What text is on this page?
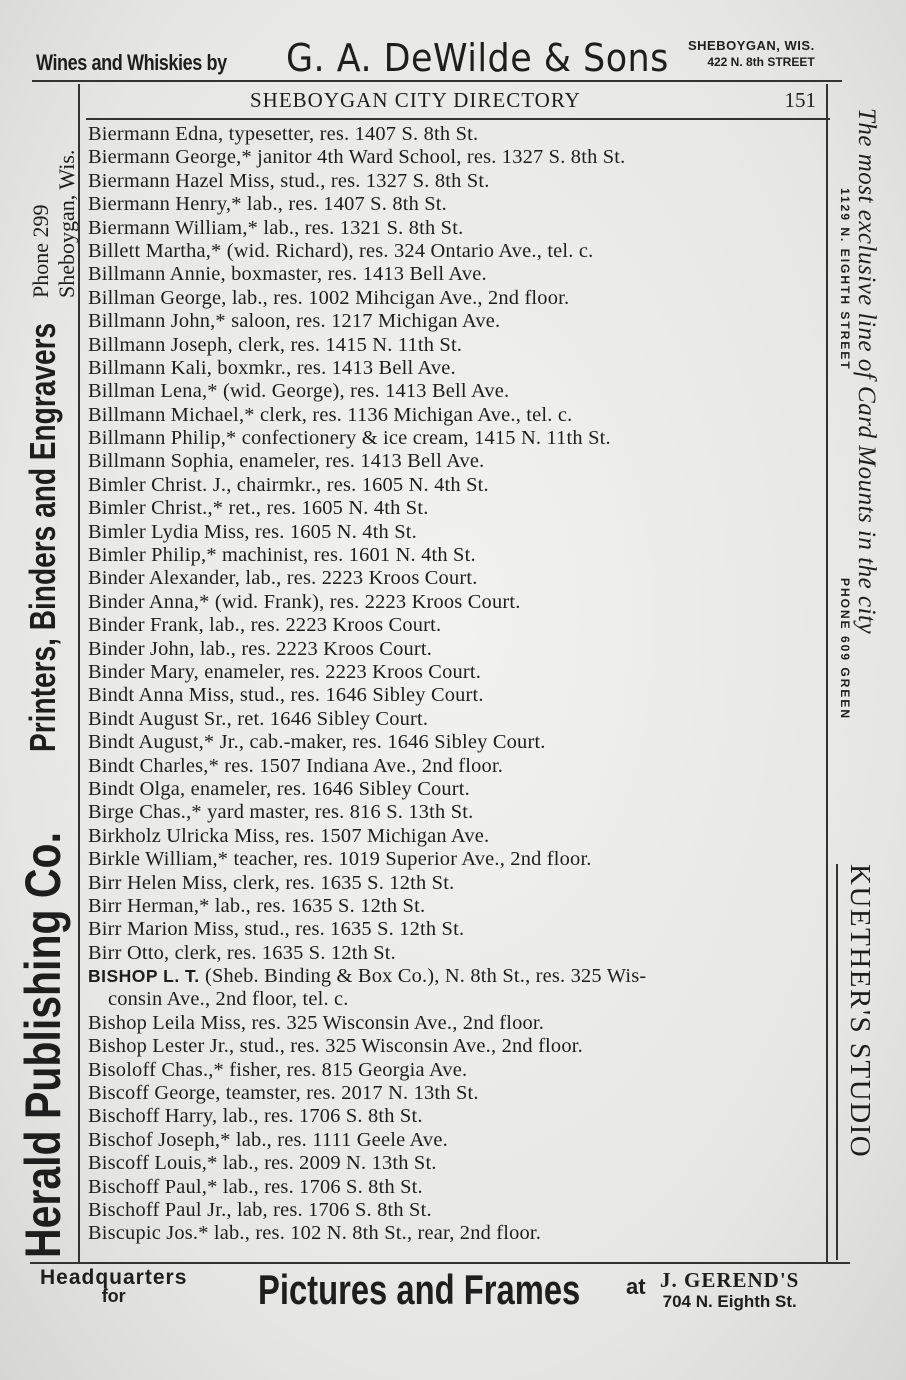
Wines and Whiskies by G. A. DeWilde & Sons SHEBOYGAN, WIS.
422 N. 8th STREET
SHEBOYGAN CITY DIRECTORY	151
Biermann Edna, typesetter, res. 1407 S. 8th St.
Biermann George,* janitor 4th Ward School, res. 1327 S. 8th St.
Biermann Hazel Miss, stud., res. 1327 S. 8th St.
Biermann Henry,* lab., res. 1407 S. 8th St.
Biermann William,* lab., res. 1321 S. 8th St.
Billett Martha,* (wid. Richard), res. 324 Ontario Ave., tel. c.
Billmann Annie, boxmaster, res. 1413 Bell Ave.
Billman George, lab., res. 1002 Mihcigan Ave., 2nd floor.
Billmann John,* saloon, res. 1217 Michigan Ave.
Billmann Joseph, clerk, res. 1415 N. 11th St.
Billmann Kali, boxmkr., res. 1413 Bell Ave.
Billman Lena,* (wid. George), res. 1413 Bell Ave.
Billmann Michael,* clerk, res. 1136 Michigan Ave., tel. c.
Billmann Philip,* confectionery & ice cream, 1415 N. 11th St.
Billmann Sophia, enameler, res. 1413 Bell Ave.
Bimler Christ. J., chairmkr., res. 1605 N. 4th St.
Bimler Christ.,* ret., res. 1605 N. 4th St.
Bimler Lydia Miss, res. 1605 N. 4th St.
Bimler Philip,* machinist, res. 1601 N. 4th St.
Binder Alexander, lab., res. 2223 Kroos Court.
Binder Anna,* (wid. Frank), res. 2223 Kroos Court.
Binder Frank, lab., res. 2223 Kroos Court.
Binder John, lab., res. 2223 Kroos Court.
Binder Mary, enameler, res. 2223 Kroos Court.
Bindt Anna Miss, stud., res. 1646 Sibley Court.
Bindt August Sr., ret. 1646 Sibley Court.
Bindt August,* Jr., cab.-maker, res. 1646 Sibley Court.
Bindt Charles,* res. 1507 Indiana Ave., 2nd floor.
Bindt Olga, enameler, res. 1646 Sibley Court.
Birge Chas.,* yard master, res. 816 S. 13th St.
Birkholz Ulricka Miss, res. 1507 Michigan Ave.
Birkle William,* teacher, res. 1019 Superior Ave., 2nd floor.
Birr Helen Miss, clerk, res. 1635 S. 12th St.
Birr Herman,* lab., res. 1635 S. 12th St.
Birr Marion Miss, stud., res. 1635 S. 12th St.
Birr Otto, clerk, res. 1635 S. 12th St.
BISHOP L. T. (Sheb. Binding & Box Co.), N. 8th St., res. 325 Wis-
consin Ave., 2nd floor, tel. c.
Bishop Leila Miss, res. 325 Wisconsin Ave., 2nd floor.
Bishop Lester Jr., stud., res. 325 Wisconsin Ave., 2nd floor.
Bisoloff Chas.,* fisher, res. 815 Georgia Ave.
Biscoff George, teamster, res. 2017 N. 13th St.
Bischoff Harry, lab., res. 1706 S. 8th St.
Bischof Joseph,* lab., res. 1111 Geele Ave.
Biscoff Louis,* lab., res. 2009 N. 13th St.
Bischoff Paul,* lab., res. 1706 S. 8th St.
Bischoff Paul Jr., lab, res. 1706 S. 8th St.
Biscupic Jos.* lab., res. 102 N. 8th St., rear, 2nd floor.
Phone 299 Sheboygan, Wis.
Printers, Binders and Engravers
Herald Publishing Co.
The most exclusive line of Card Mounts in the city
1129 N. EIGHTH STREET
PHONE 609 GREEN
KUETHER'S STUDIO
Headquarters
for	Pictures and Frames at J. GEREND'S
704 N. Eighth St.
